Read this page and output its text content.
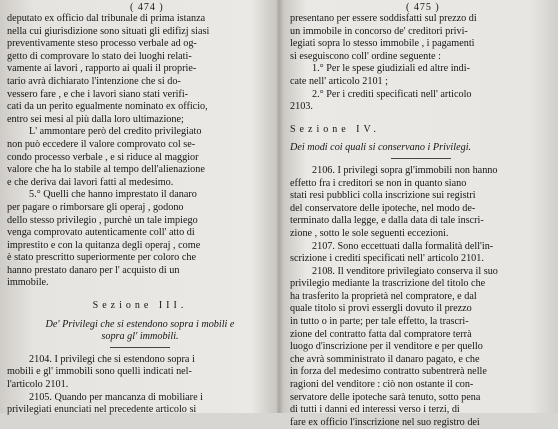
( 474 )
deputato ex officio dal tribunale di prima istanza
nella cui giurisdizione sono situati gli edifizj siasi
preventivamente steso processo verbale ad og-
getto di comprovare lo stato dei luoghi relati-
vamente ai lavori , rapporto ai quali il proprie-
tario avrà dichiarato l'intenzione che si do-
vessero fare , e che i lavori siano stati verifi-
cati da un perito egualmente nominato ex officio,
entro sei mesi al più dalla loro ultimazione;
L' ammontare però del credito privilegiato
non può eccedere il valore comprovato col se-
condo processo verbale , e si riduce al maggior
valore che ha lo stabile al tempo dell'alienazione
e che deriva dai lavori fatti al medesimo.
5.° Quelli che hanno imprestato il danaro
per pagare o rimborsare gli operaj , godono
dello stesso privilegio , purchè un tale impiego
venga comprovato autenticamente coll' atto di
imprestito e con la quitanza degli operaj , come
è stato prescritto superiormente per coloro che
hanno prestato danaro per l' acquisto di un
immobile.
Sezione III.
De' Privilegi che si estendono sopra i mobili e
sopra gl' immobili.
2104. I privilegi che si estendono sopra i
mobili e gl' immobili sono quelli indicati nel-
l'articolo 2101.
2105. Quando per mancanza di mobiliare i
privilegiati enunciati nel precedente articolo si
( 475 )
presentano per essere soddisfatti sul prezzo di
un immobile in concorso de' creditori privi-
legiati sopra lo stesso immobile , i pagamenti
si eseguiscono coll' ordine seguente :
1.° Per le spese giudiziali ed altre indi-
cate nell' articolo 2101 ;
2.° Per i crediti specificati nell' articolo
2103.
Sezione IV.
Dei modi coi quali si conservano i Privilegi.
2106. I privilegi sopra gl'immobili non hanno
effetto fra i creditori se non in quanto siano
stati resi pubblici colla inscrizione sui registri
del conservatore delle ipoteche, nel modo de-
terminato dalla legge, e dalla data di tale inscri-
zione , sotto le sole seguenti eccezioni.
2107. Sono eccettuati dalla formalità dell'in-
scrizione i crediti specificati nell' articolo 2101.
2108. Il venditore privilegiato conserva il suo
privilegio mediante la trascrizione del titolo che
ha trasferito la proprietà nel compratore, e dal
quale titolo si provi essergli dovuto il prezzo
in tutto o in parte; per tale effetto, la trascri-
zione del contratto fatta dal compratore terrà
luogo d'inscrizione per il venditore e per quello
che avrà somministrato il danaro pagato, e che
in forza del medesimo contratto subentrerà nelle
ragioni del venditore : ciò non ostante il con-
servatore delle ipoteche sarà tenuto, sotto pena
di tutti i danni ed interessi verso i terzi, di
fare ex officio l'inscrizione nel suo registro dei
